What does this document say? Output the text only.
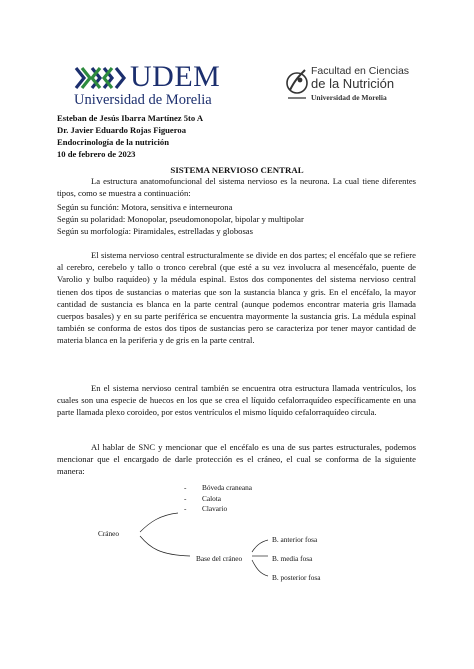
UDEM
Universidad de Morelia
Facultad en Ciencias
de la Nutrición
Universidad de Morelia
Esteban de Jesús Ibarra Martínez 5to A
Dr. Javier Eduardo Rojas Figueroa
Endocrinología de la nutrición
10 de febrero de 2023
SISTEMA NERVIOSO CENTRAL
La estructura anatomofuncional del sistema nervioso es la neurona. La cual tiene diferentes tipos, como se muestra a continuación:
Según su función: Motora, sensitiva e interneurona
Según su polaridad: Monopolar, pseudomonopolar, bipolar y multipolar
Según su morfología: Piramidales, estrelladas y globosas
El sistema nervioso central estructuralmente se divide en dos partes; el encéfalo que se refiere al cerebro, cerebelo y tallo o tronco cerebral (que esté a su vez involucra al mesencéfalo, puente de Varolio y bulbo raquídeo) y la médula espinal. Estos dos componentes del sistema nervioso central tienen dos tipos de sustancias o materias que son la sustancia blanca y gris. En el encéfalo, la mayor cantidad de sustancia es blanca en la parte central (aunque podemos encontrar materia gris llamada cuerpos basales) y en su parte periférica se encuentra mayormente la sustancia gris. La médula espinal también se conforma de estos dos tipos de sustancias pero se caracteriza por tener mayor cantidad de materia blanca en la periferia y de gris en la parte central.
En el sistema nervioso central también se encuentra otra estructura llamada ventrículos, los cuales son una especie de huecos en los que se crea el líquido cefalorraquídeo específicamente en una parte llamada plexo coroideo, por estos ventrículos el mismo líquido cefalorraquídeo circula.
Al hablar de SNC y mencionar que el encéfalo es una de sus partes estructurales, podemos mencionar que el encargado de darle protección es el cráneo, el cual se conforma de la siguiente manera:
- Bóveda craneana
- Calota
- Clavario
Cráneo
Base del cráneo
B. anterior fosa
B. media fosa
B. posterior fosa
